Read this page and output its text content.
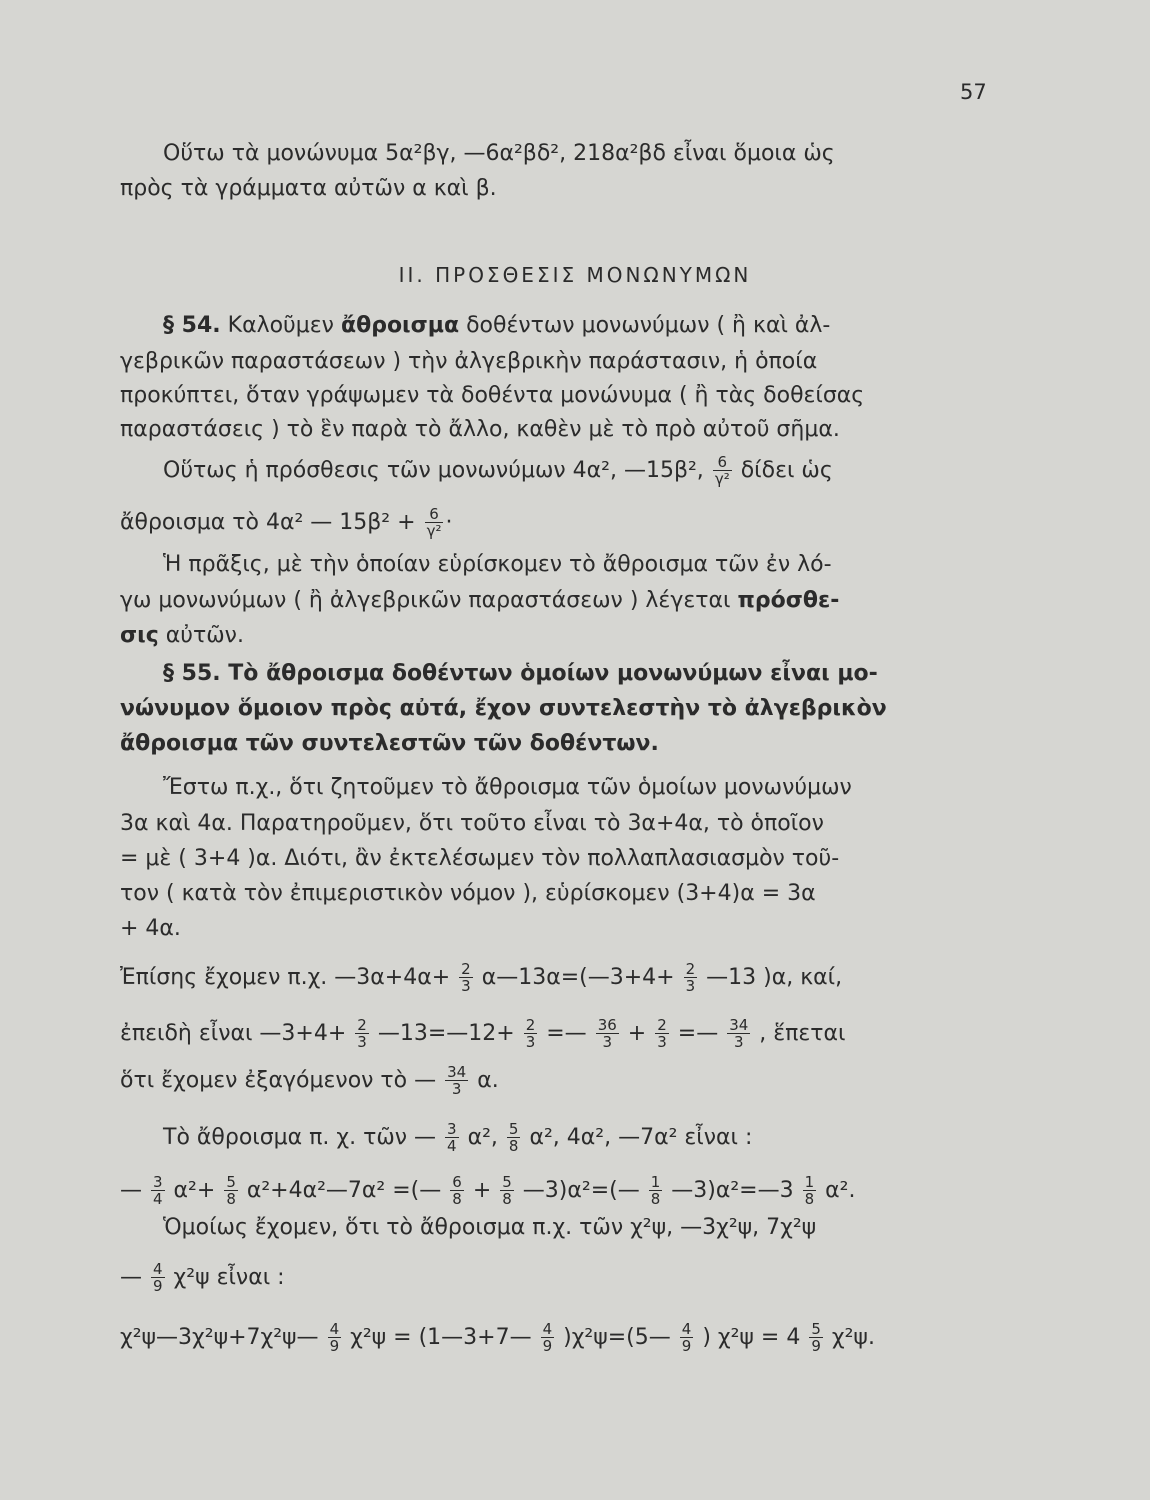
57
Οὕτω τὰ μονώνυμα 5α²βγ, —6α²βδ², 218α²βδ εἶναι ὅμοια ὡς
πρὸς τὰ γράμματα αὐτῶν α καὶ β.
ΙΙ. ΠΡΟΣΘΕΣΙΣ ΜΟΝΩΝΥΜΩΝ
§ 54. Καλοῦμεν ἄθροισμα δοθέντων μονωνύμων ( ἢ καὶ ἀλ-
γεβρικῶν παραστάσεων ) τὴν ἀλγεβρικὴν παράστασιν, ἡ ὁποία
προκύπτει, ὅταν γράψωμεν τὰ δοθέντα μονώνυμα ( ἢ τὰς δοθείσας
παραστάσεις ) τὸ ἓν παρὰ τὸ ἄλλο, καθὲν μὲ τὸ πρὸ αὐτοῦ σῆμα.
Οὕτως ἡ πρόσθεσις τῶν μονωνύμων 4α², —15β², $\frac{6}{\text{γ²}}$ δίδει ὡς
ἄθροισμα τὸ 4α² — $15\beta^2 + \frac{6}{\text{γ²}}$ ·
Ἡ πρᾶξις, μὲ τὴν ὁποίαν εὑρίσκομεν τὸ ἄθροισμα τῶν ἐν λό-
γω μονωνύμων ( ἢ ἀλγεβρικῶν παραστάσεων ) λέγεται πρόσθε-
σις αὐτῶν.
§ 55. Τὸ ἄθροισμα δοθέντων ὁμοίων μονωνύμων εἶναι μο-
νώνυμον ὅμοιον πρὸς αὐτά, ἔχον συντελεστὴν τὸ ἀλγεβρικὸν
ἄθροισμα τῶν συντελεστῶν τῶν δοθέντων.
Ἔστω π.χ., ὅτι ζητοῦμεν τὸ ἄθροισμα τῶν ὁμοίων μονωνύμων
3α καὶ 4α. Παρατηροῦμεν, ὅτι τοῦτο εἶναι τὸ 3α+4α, τὸ ὁποῖον
= μὲ ( 3+4 )α. Διότι, ἂν ἐκτελέσωμεν τὸν πολλαπλασιασμὸν τοῦ-
τον ( κατὰ τὸν ἐπιμεριστικὸν νόμον ), εὑρίσκομεν (3+4)α = 3α
+ 4α.
Ἐπίσης ἔχομεν π.χ. —3α+4α+ $\frac{2}{3}$ α—13α=(—3+4+ $\frac{2}{3}$ —13 )α, καί,
ἐπειδὴ εἶναι —3+4+ $\frac{2}{3}$ —13=—12+ $\frac{2}{3}$ =— $\frac{36}{3} + \frac{2}{3}$ =— $\frac{34}{3}$ , ἕπεται
ὅτι ἔχομεν ἐξαγόμενον τὸ — $\frac{34}{3} \alpha$.
Τὸ ἄθροισμα π. χ. τῶν — $\frac{3}{4} \alpha^2$, $\frac{5}{8} \alpha^2$, 4α², —7α² εἶναι :
— $\frac{3}{4} \alpha^2+ \frac{5}{8}$ α²+4α²—7α² =(— $\frac{6}{8} + \frac{5}{8}$ —3)α²=(— $\frac{1}{8}$ —3)α²=—3 $\frac{1}{8} \alpha^2$.
Ὁμοίως ἔχομεν, ὅτι τὸ ἄθροισμα π.χ. τῶν χ²ψ, —3χ²ψ, 7χ²ψ
— $\frac{4}{9} \chi^2\psi$ εἶναι :
χ²ψ—3χ²ψ+7χ²ψ— $\frac{4}{9} \chi^2\psi$ = (1—3+7— $\frac{4}{9}$ )χ²ψ=(5— $\frac{4}{9}$ ) $\chi^2\psi = 4 \frac{5}{9} \chi^2\psi$.
